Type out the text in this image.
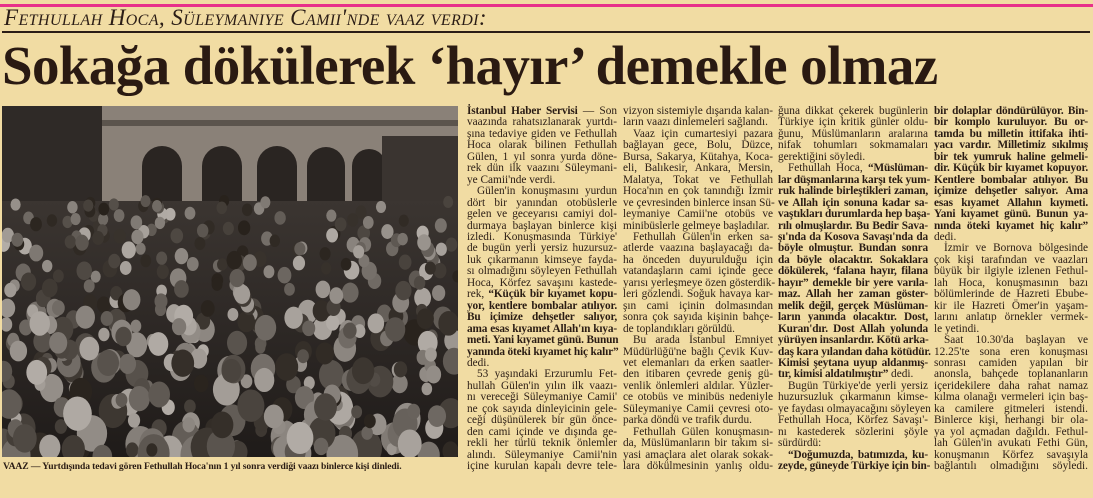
Fethullah Hoca, Süleymaniye Camii'nde vaaz verdi:
Sokağa dökülerek ‘hayır’ demekle olmaz
VAAZ — Yurtdışında tedavi gören Fethullah Hoca'nın 1 yıl sonra verdiği vaazı binlerce kişi dinledi.
İstanbul Haber Servisi — Son
vaazında rahatsızlanarak yurtdı-
şına tedaviye giden ve Fethullah
Hoca olarak bilinen Fethullah
Gülen, 1 yıl sonra yurda döne-
rek dün ilk vaazını Süleymani-
ye Camii'nde verdi.
Gülen'in konuşmasını yurdun
dört bir yanından otobüslerle
gelen ve geceyarısı camiyi dol-
durmaya başlayan binlerce kişi
izledi. Konuşmasında Türkiye'
de bugün yerli yersiz huzursuz-
luk çıkarmanın kimseye fayda-
sı olmadığını söyleyen Fethullah
Hoca, Körfez savaşını kastede-
rek, “Küçük bir kıyamet kopu-
yor, kentlere bombalar atılıyor.
Bu içimize dehşetler salıyor,
ama esas kıyamet Allah'ın kıya-
meti. Yani kıyamet günü. Bunun
yanında öteki kıyamet hiç kalır”
dedi.
53 yaşındaki Erzurumlu Fet-
hullah Gülen'in yılın ilk vaazı-
nı vereceği Süleymaniye Camii'
ne çok sayıda dinleyicinin gele-
ceği düşünülerek bir gün önce-
den cami içinde ve dışında ge-
rekli her türlü teknik önlemler
alındı. Süleymaniye Camii'nin
içine kurulan kapalı devre tele-
vizyon sistemiyle dışarıda kalan-
ların vaazı dinlemeleri sağlandı.
Vaaz için cumartesiyi pazara
bağlayan gece, Bolu, Düzce,
Bursa, Sakarya, Kütahya, Koca-
eli, Balıkesir, Ankara, Mersin,
Malatya, Tokat ve Fethullah
Hoca'nın en çok tanındığı İzmir
ve çevresinden binlerce insan Sü-
leymaniye Camii'ne otobüs ve
minibüslerle gelmeye başladılar.
Fethullah Gülen'in erken sa-
atlerde vaazına başlayacağı da-
ha önceden duyurulduğu için
vatandaşların cami içinde gece
yarısı yerleşmeye özen gösterdik-
leri gözlendi. Soğuk havaya kar-
şın cami içinin dolmasından
sonra çok sayıda kişinin bahçe-
de toplandıkları görüldü.
Bu arada İstanbul Emniyet
Müdürlüğü'ne bağlı Çevik Kuv-
vet elemanları da erken saatler-
den itibaren çevrede geniş gü-
venlik önlemleri aldılar. Yüzler-
ce otobüs ve minibüs nedeniyle
Süleymaniye Camii çevresi oto-
parka döndü ve trafik durdu.
Fethullah Gülen konuşmasın-
da, Müslümanların bir takım si-
yasi amaçlara alet olarak sokak-
lara dökülmesinin yanlış oldu-
ğuna dikkat çekerek bugünlerin
Türkiye için kritik günler oldu-
ğunu, Müslümanların aralarına
nifak tohumları sokmamaları
gerektiğini söyledi.
Fethullah Hoca, “Müslüman-
lar düşmanlarına karşı tek yum-
ruk halinde birleştikleri zaman,
ve Allah için sonuna kadar sa-
vaştıkları durumlarda hep başa-
rılı olmuşlardır. Bu Bedir Sava-
şı'nda da Kosova Savaşı'nda da
böyle olmuştur. Bundan sonra
da böyle olacaktır. Sokaklara
dökülerek, ‘falana hayır, filana
hayır” demekle bir yere varıla-
maz. Allah her zaman göster-
melik değil, gerçek Müslüman-
ların yanında olacaktır. Dost,
Kuran'dır. Dost Allah yolunda
yürüyen insanlardır. Kötü arka-
daş kara yılandan daha kötüdür.
Kimisi şeytana uyup aldanmış-
tır, kimisi aldatılmıştır” dedi.
Bugün Türkiye'de yerli yersiz
huzursuzluk çıkarmanın kimse-
ye faydası olmayacağını söyleyen
Fethullah Hoca, Körfez Savaşı'-
nı kastederek sözlerini şöyle
sürdürdü:
“Doğumuzda, batımızda, ku-
zeyde, güneyde Türkiye için bin-
bir dolaplar döndürülüyor. Bin-
bir komplo kuruluyor. Bu or-
tamda bu milletin ittifaka ihti-
yacı vardır. Milletimiz sıkılmış
bir tek yumruk haline gelmeli-
dir. Küçük bir kıyamet kopuyor.
Kentlere bombalar atılıyor. Bu
içimize dehşetler salıyor. Ama
esas kıyamet Allahın kıymeti.
Yani kıyamet günü. Bunun ya-
nında öteki kıyamet hiç kalır”
dedi.
İzmir ve Bornova bölgesinde
çok kişi tarafından ve vaazları
büyük bir ilgiyle izlenen Fethul-
lah Hoca, konuşmasının bazı
bölümlerinde de Hazreti Ebube-
kir ile Hazreti Ömer'in yaşam-
larını anlatıp örnekler vermek-
le yetindi.
Saat 10.30'da başlayan ve
12.25'te sona eren konuşması
sonrası camiden yapılan bir
anonsla, bahçede toplananların
içeridekilere daha rahat namaz
kılma olanağı vermeleri için baş-
ka camilere gitmeleri istendi.
Binlerce kişi, herhangi bir ola-
ya yol açmadan dağıldı. Fethul-
lah Gülen'in avukatı Fethi Gün,
konuşmanın Körfez savaşıyla
bağlantılı olmadığını söyledi.
